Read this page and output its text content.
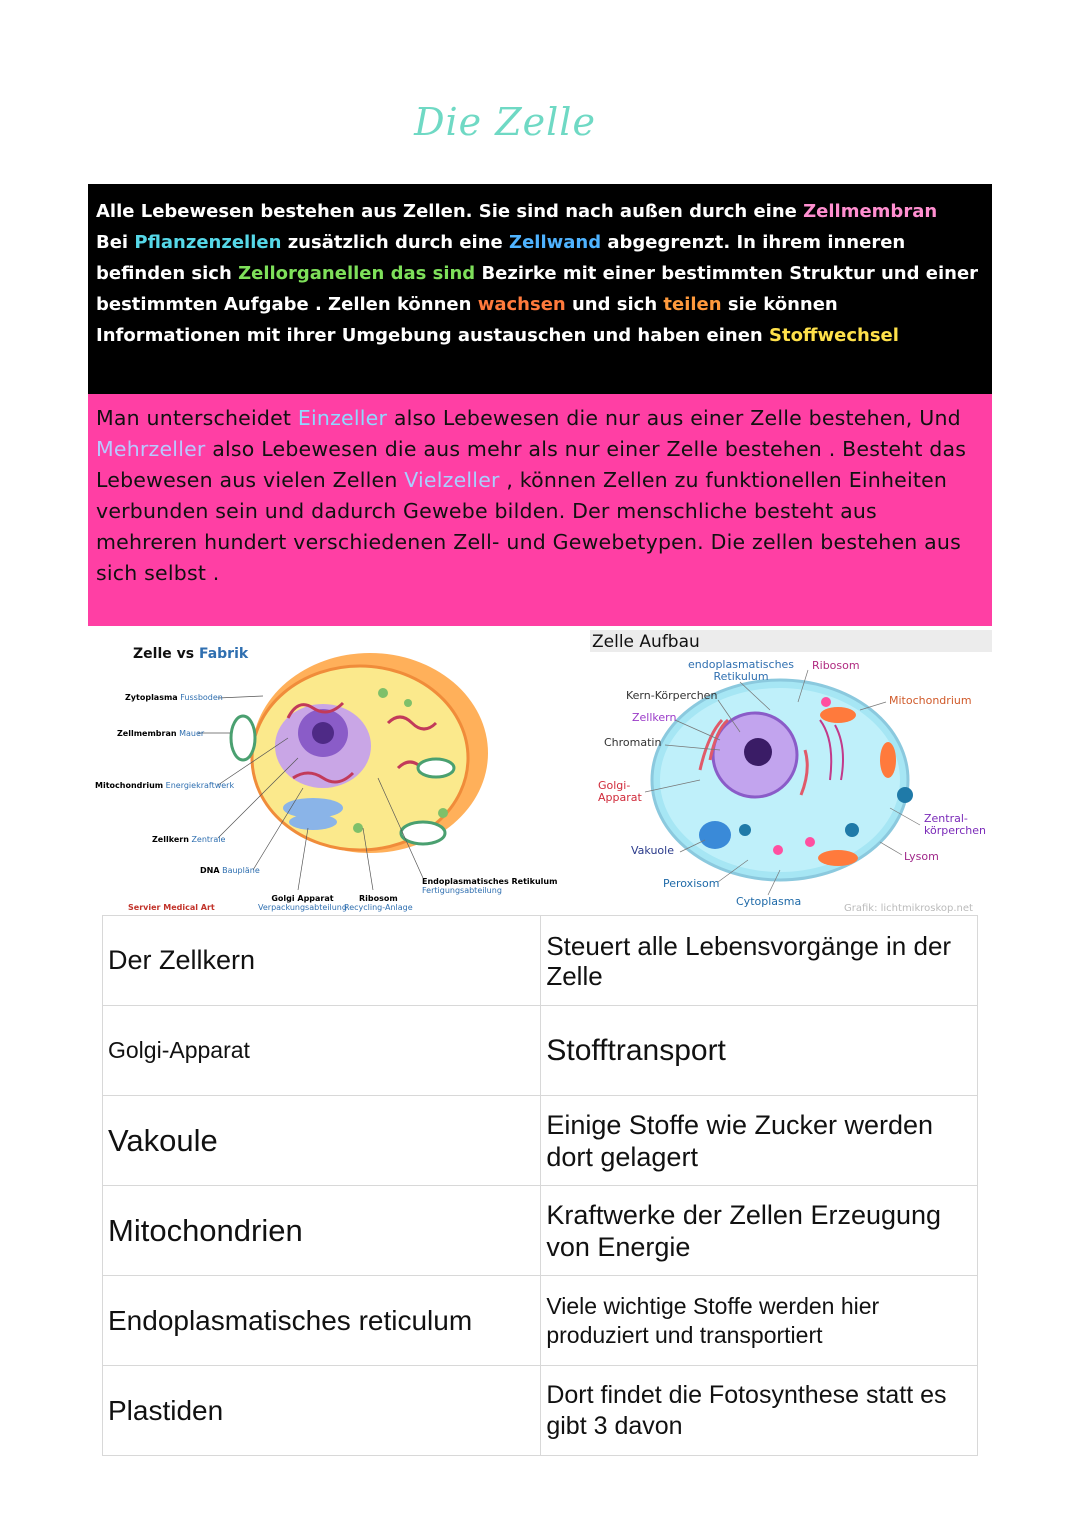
Die Zelle
Alle Lebewesen bestehen aus Zellen. Sie sind nach außen durch eine Zellmembran
Bei Pflanzenzellen zusätzlich durch eine Zellwand abgegrenzt. In ihrem inneren befinden sich Zellorganellen das sind Bezirke mit einer bestimmten Struktur und einer bestimmten Aufgabe . Zellen können wachsen und sich teilen sie können Informationen mit ihrer Umgebung austauschen und haben einen Stoffwechsel
Man unterscheidet Einzeller also Lebewesen die nur aus einer Zelle bestehen, Und Mehrzeller also Lebewesen die aus mehr als nur einer Zelle bestehen . Besteht das Lebewesen aus vielen Zellen Vielzeller , können Zellen zu funktionellen Einheiten verbunden sein und dadurch Gewebe bilden. Der menschliche besteht aus mehreren hundert verschiedenen Zell- und Gewebetypen. Die zellen bestehen aus sich selbst .
Zelle vs Fabrik
Zytoplasma Fussboden
Zellmembran Mauer
Mitochondrium Energiekraftwerk
Zellkern Zentrale
DNA Baupläne
Golgi Apparat
Verpackungsabteilung
Ribosom
Recycling-Anlage
Endoplasmatisches Retikulum
Fertigungsabteilung
Servier Medical Art
Zelle Aufbau
endoplasmatisches
Retikulum
Ribosom
Kern-Körperchen
Zellkern
Chromatin
Golgi-
Apparat
Vakuole
Peroxisom
Cytoplasma
Mitochondrium
Zentral-
körperchen
Lysom
Grafik: lichtmikroskop.net
Der Zellkern	Steuert alle Lebensvorgänge in der Zelle
Golgi-Apparat	Stofftransport
Vakoule	Einige Stoffe wie Zucker werden dort gelagert
Mitochondrien	Kraftwerke der Zellen Erzeugung von Energie
Endoplasmatisches reticulum	Viele wichtige Stoffe werden hier produziert und transportiert
Plastiden	Dort findet die Fotosynthese statt es gibt 3 davon
